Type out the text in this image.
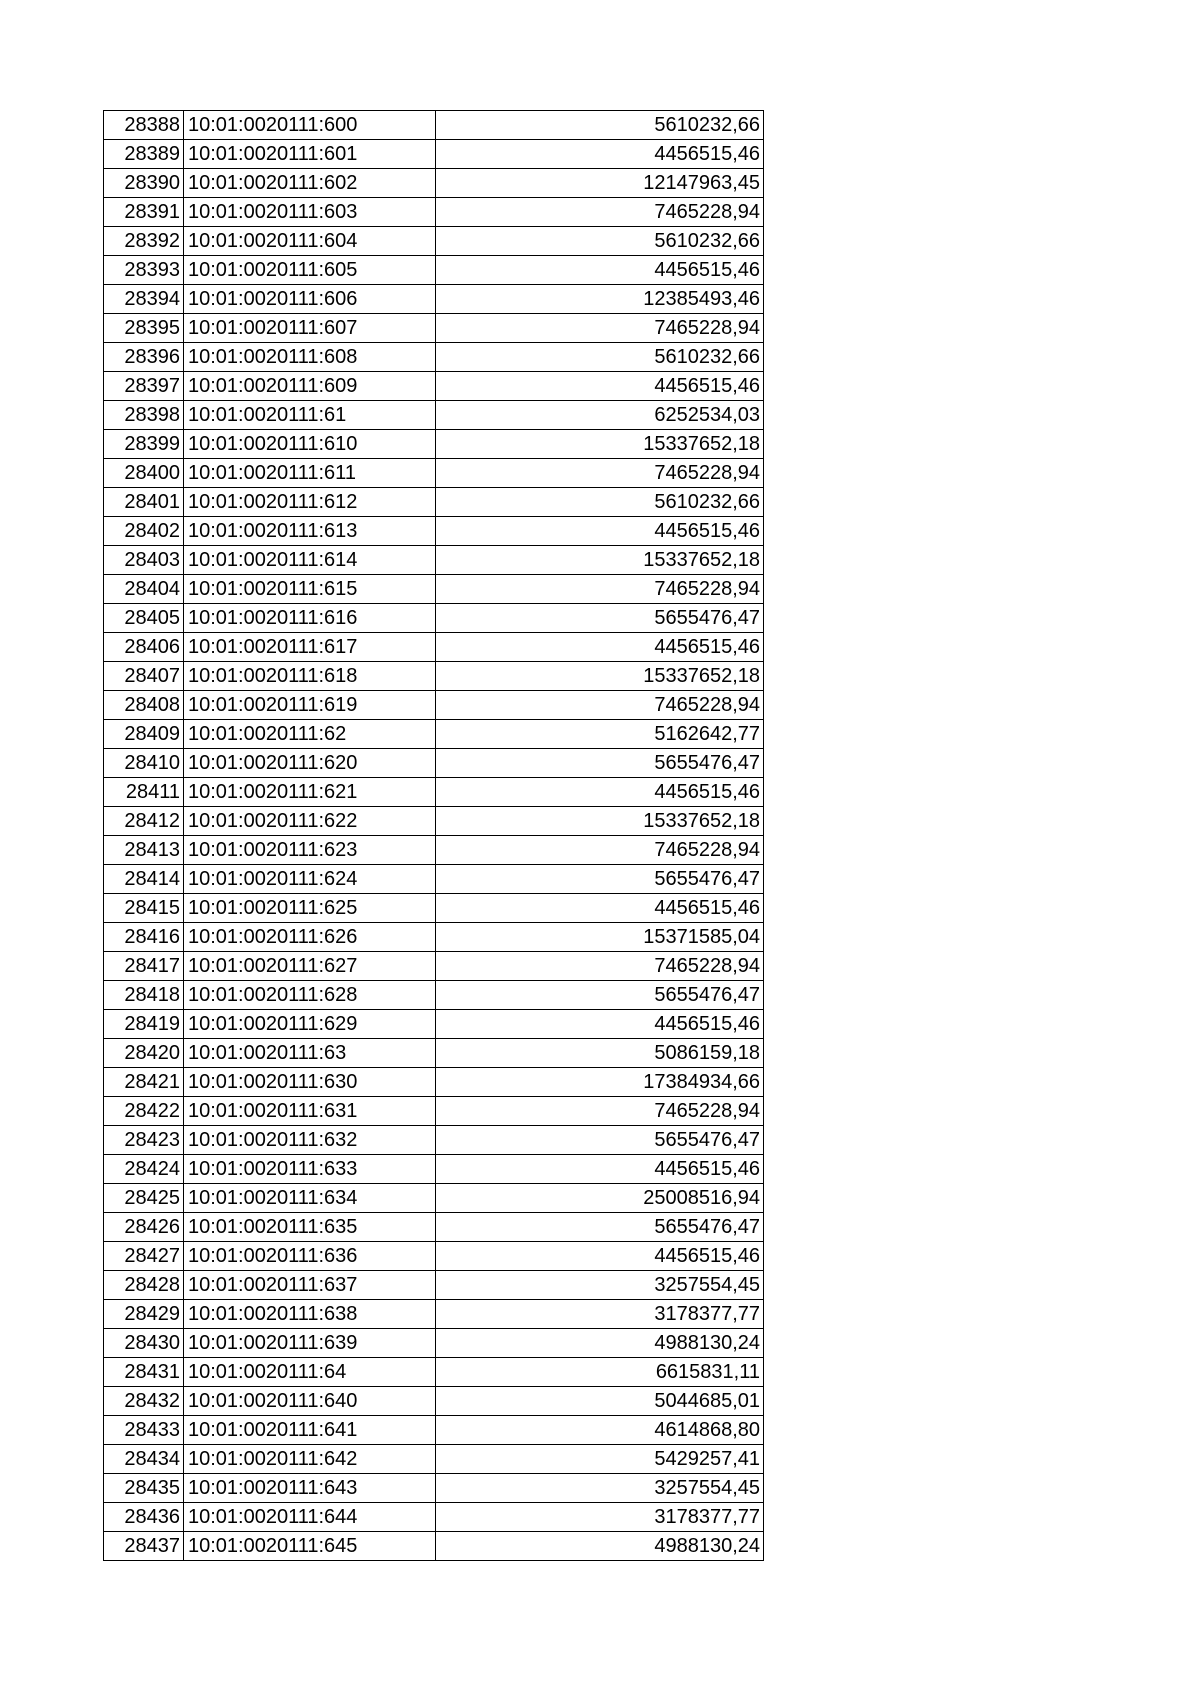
28388	10:01:0020111:600	5610232,66
28389	10:01:0020111:601	4456515,46
28390	10:01:0020111:602	12147963,45
28391	10:01:0020111:603	7465228,94
28392	10:01:0020111:604	5610232,66
28393	10:01:0020111:605	4456515,46
28394	10:01:0020111:606	12385493,46
28395	10:01:0020111:607	7465228,94
28396	10:01:0020111:608	5610232,66
28397	10:01:0020111:609	4456515,46
28398	10:01:0020111:61	6252534,03
28399	10:01:0020111:610	15337652,18
28400	10:01:0020111:611	7465228,94
28401	10:01:0020111:612	5610232,66
28402	10:01:0020111:613	4456515,46
28403	10:01:0020111:614	15337652,18
28404	10:01:0020111:615	7465228,94
28405	10:01:0020111:616	5655476,47
28406	10:01:0020111:617	4456515,46
28407	10:01:0020111:618	15337652,18
28408	10:01:0020111:619	7465228,94
28409	10:01:0020111:62	5162642,77
28410	10:01:0020111:620	5655476,47
28411	10:01:0020111:621	4456515,46
28412	10:01:0020111:622	15337652,18
28413	10:01:0020111:623	7465228,94
28414	10:01:0020111:624	5655476,47
28415	10:01:0020111:625	4456515,46
28416	10:01:0020111:626	15371585,04
28417	10:01:0020111:627	7465228,94
28418	10:01:0020111:628	5655476,47
28419	10:01:0020111:629	4456515,46
28420	10:01:0020111:63	5086159,18
28421	10:01:0020111:630	17384934,66
28422	10:01:0020111:631	7465228,94
28423	10:01:0020111:632	5655476,47
28424	10:01:0020111:633	4456515,46
28425	10:01:0020111:634	25008516,94
28426	10:01:0020111:635	5655476,47
28427	10:01:0020111:636	4456515,46
28428	10:01:0020111:637	3257554,45
28429	10:01:0020111:638	3178377,77
28430	10:01:0020111:639	4988130,24
28431	10:01:0020111:64	6615831,11
28432	10:01:0020111:640	5044685,01
28433	10:01:0020111:641	4614868,80
28434	10:01:0020111:642	5429257,41
28435	10:01:0020111:643	3257554,45
28436	10:01:0020111:644	3178377,77
28437	10:01:0020111:645	4988130,24
